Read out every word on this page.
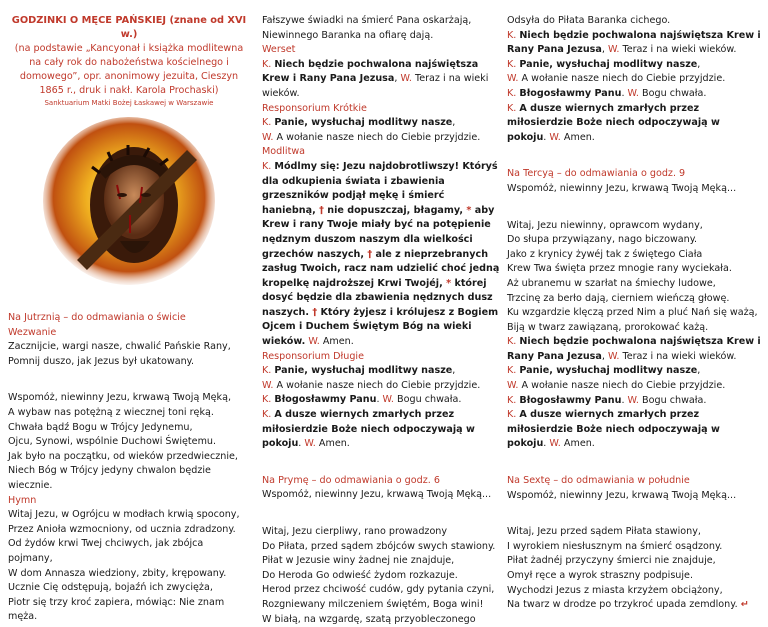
GODZINKI O MĘCE PAŃSKIEJ (znane od XVI w.)
(na podstawie „Kancyonał i książka modlitewna na cały rok do nabożeństwa kościelnego i domowego”, opr. anonimowy jezuita, Cieszyn 1865 r., druk i nakł. Karola Prochaski)
Sanktuarium Matki Bożej Łaskawej w Warszawie

Na Jutrznią – do odmawiania o świcie

Wezwanie

Zacznijcie, wargi nasze, chwalić Pańskie Rany,

Pomnij duszo, jak Jezus był ukatowany.

Wspomóż, niewinny Jezu, krwawą Twoją Męką,

A wybaw nas potężną z wiecznej toni ręką.

Chwała bądź Bogu w Trójcy Jedynemu,

Ojcu, Synowi, wspólnie Duchowi Świętemu.

Jak było na początku, od wieków przedwiecznie,

Niech Bóg w Trójcy jedyny chwalon będzie

wiecznie.

Hymn

Witaj Jezu, w Ogrójcu w modłach krwią spocony,

Przez Anioła wzmocniony, od ucznia zdradzony.

Od żydów krwi Twej chciwych, jak zbójca pojmany,

W dom Annasza wiedziony, zbity, krępowany.

Ucznie Cię odstępują, bojaźń ich zwycięża,

Piotr się trzy kroć zapiera, mówiąc: Nie znam męża.

Fałszywe świadki na śmierć Pana oskarżają,

Niewinnego Baranka na ofiarę dają.

Werset

K. Niech będzie pochwalona najświętsza Krew i Rany Pana Jezusa, W. Teraz i na wieki wieków.

Responsorium Krótkie

K. Panie, wysłuchaj modlitwy nasze,

W. A wołanie nasze niech do Ciebie przyjdzie.

Modlitwa

K. Módlmy się: Jezu najdobrotliwszy! Któryś dla odkupienia świata i zbawienia grzeszników podjął mękę i śmierć haniebną, † nie dopuszczaj, błagamy, * aby Krew i rany Twoje miały być na potępienie nędznym duszom naszym dla wielkości grzechów naszych, † ale z nieprzebranych zasług Twoich, racz nam udzielić choć jedną kropelkę najdroższej Krwi Twojéj, * której dosyć będzie dla zbawienia nędznych dusz naszych. † Który żyjesz i królujesz z Bogiem Ojcem i Duchem Świętym Bóg na wieki wieków. W. Amen.

Responsorium Długie

K. Panie, wysłuchaj modlitwy nasze,

W. A wołanie nasze niech do Ciebie przyjdzie.

K. Błogosławmy Panu. W. Bogu chwała.

K. A dusze wiernych zmarłych przez miłosierdzie Boże niech odpoczywają w pokoju. W. Amen.

Na Prymę – do odmawiania o godz. 6

Wspomóż, niewinny Jezu, krwawą Twoją Męką...

Witaj, Jezu cierpliwy, rano prowadzony

Do Piłata, przed sądem zbójców swych stawiony.

Piłat w Jezusie winy żadnej nie znajduje,

Do Heroda Go odwieść żydom rozkazuje.

Herod przez chciwość cudów, gdy pytania czyni,

Rozgniewany milczeniem świętém, Boga wini!

W białą, na wzgardę, szatą przyobleczonego

Odsyła do Piłata Baranka cichego.

K. Niech będzie pochwalona najświętsza Krew i Rany Pana Jezusa, W. Teraz i na wieki wieków.

K. Panie, wysłuchaj modlitwy nasze,

W. A wołanie nasze niech do Ciebie przyjdzie.

K. Błogosławmy Panu. W. Bogu chwała.

K. A dusze wiernych zmarłych przez miłosierdzie Boże niech odpoczywają w pokoju. W. Amen.

Na Tercyą – do odmawiania o godz. 9

Wspomóż, niewinny Jezu, krwawą Twoją Męką...

Witaj, Jezu niewinny, oprawcom wydany,

Do słupa przywiązany, nago biczowany.

Jako z krynicy żywéj tak z świętego Ciała

Krew Twa święta przez mnogie rany wyciekała.

Aż ubranemu w szarłat na śmiechy ludowe,

Trzcinę za berło dają, cierniem wieńczą głowę.

Ku wzgardzie klęczą przed Nim a pluć Nań się ważą,

Biją w twarz zawiązaną, prorokować każą.

K. Niech będzie pochwalona najświętsza Krew i Rany Pana Jezusa, W. Teraz i na wieki wieków.

K. Panie, wysłuchaj modlitwy nasze,

W. A wołanie nasze niech do Ciebie przyjdzie.

K. Błogosławmy Panu. W. Bogu chwała.

K. A dusze wiernych zmarłych przez miłosierdzie Boże niech odpoczywają w pokoju. W. Amen.

Na Sextę – do odmawiania w południe

Wspomóż, niewinny Jezu, krwawą Twoją Męką...

Witaj, Jezu przed sądem Piłata stawiony,

I wyrokiem niesłusznym na śmierć osądzony.

Piłat żadnéj przyczyny śmierci nie znajduje,

Omył ręce a wyrok straszny podpisuje.

Wychodzi Jezus z miasta krzyżem obciążony,

Na twarz w drodze po trzykroć upada zemdlony. ↵
